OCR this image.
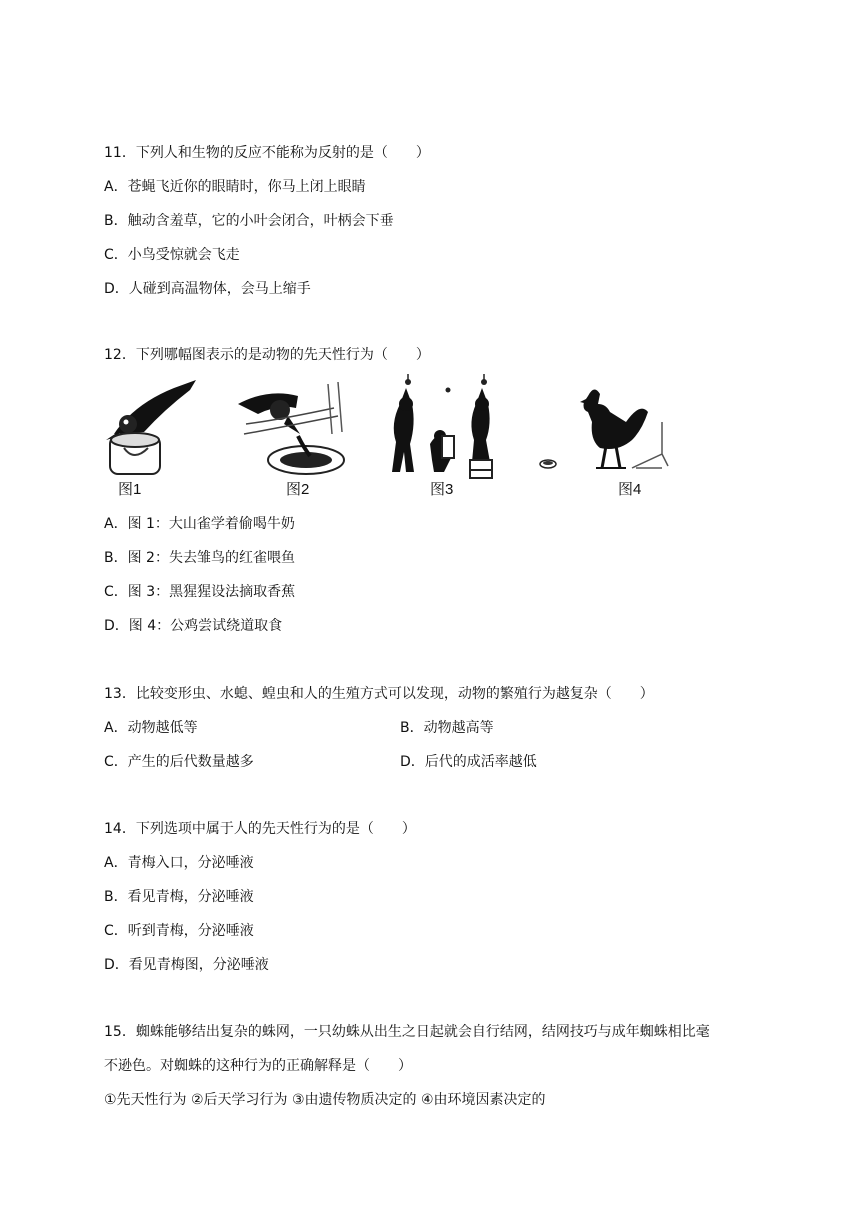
11．下列人和生物的反应不能称为反射的是（　　）
A．苍蝇飞近你的眼睛时，你马上闭上眼睛
B．触动含羞草，它的小叶会闭合，叶柄会下垂
C．小鸟受惊就会飞走
D．人碰到高温物体，会马上缩手
12．下列哪幅图表示的是动物的先天性行为（　　）
图1	图2	图3	图4
A．图 1：大山雀学着偷喝牛奶
B．图 2：失去雏鸟的红雀喂鱼
C．图 3：黑猩猩设法摘取香蕉
D．图 4：公鸡尝试绕道取食
13．比较变形虫、水螅、蝗虫和人的生殖方式可以发现，动物的繁殖行为越复杂（　　）
A．动物越低等	B．动物越高等
C．产生的后代数量越多	D．后代的成活率越低
14．下列选项中属于人的先天性行为的是（　　）
A．青梅入口，分泌唾液
B．看见青梅，分泌唾液
C．听到青梅，分泌唾液
D．看见青梅图，分泌唾液
15．蜘蛛能够结出复杂的蛛网，一只幼蛛从出生之日起就会自行结网，结网技巧与成年蜘蛛相比毫
不逊色。对蜘蛛的这种行为的正确解释是（　　）
①先天性行为 ②后天学习行为 ③由遗传物质决定的 ④由环境因素决定的
